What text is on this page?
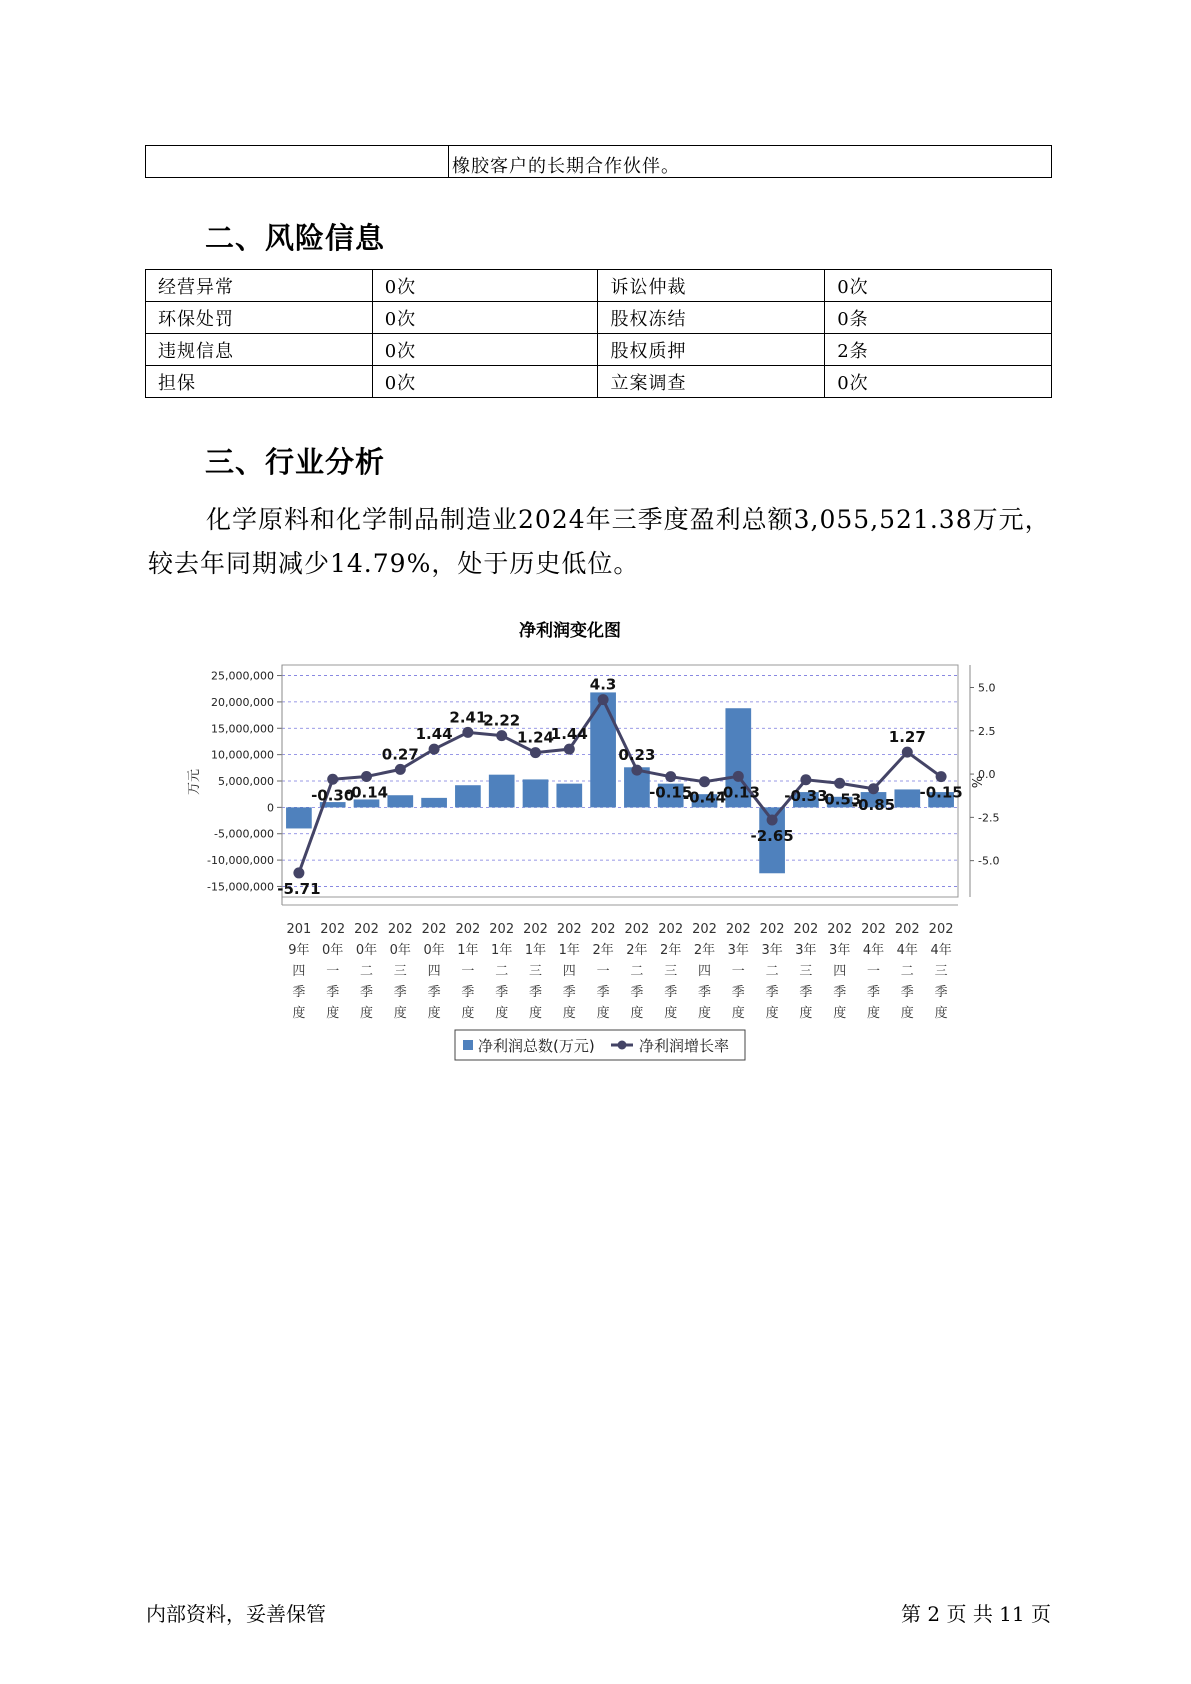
橡胶客户的长期合作伙伴。
二、风险信息
经营异常	0次	诉讼仲裁	0次
环保处罚	0次	股权冻结	0条
违规信息	0次	股权质押	2条
担保	0次	立案调查	0次
三、行业分析
化学原料和化学制品制造业2024年三季度盈利总额3,055,521.38万元，
较去年同期减少14.79%，处于历史低位。
净利润变化图
25,000,000
20,000,000
15,000,000
10,000,000
5,000,000
0
-5,000,000
-10,000,000
-15,000,000
5.0
2.5
0.0
-2.5
-5.0
万元	%
-5.71
-0.30
-0.14
0.27
1.44
2.41
2.22
1.24
1.44
4.3
0.23
-0.15
-0.44
-0.13
-2.65
-0.33
-0.53
-0.85
1.27
-0.15
201
9年
四
季
度
202
0年
一
季
度
202
0年
二
季
度
202
0年
三
季
度
202
0年
四
季
度
202
1年
一
季
度
202
1年
二
季
度
202
1年
三
季
度
202
1年
四
季
度
202
2年
一
季
度
202
2年
二
季
度
202
2年
三
季
度
202
2年
四
季
度
202
3年
一
季
度
202
3年
二
季
度
202
3年
三
季
度
202
3年
四
季
度
202
4年
一
季
度
202
4年
二
季
度
202
4年
三
季
度
净利润总数(万元)	净利润增长率
内部资料，妥善保管	第 2 页 共 11 页
